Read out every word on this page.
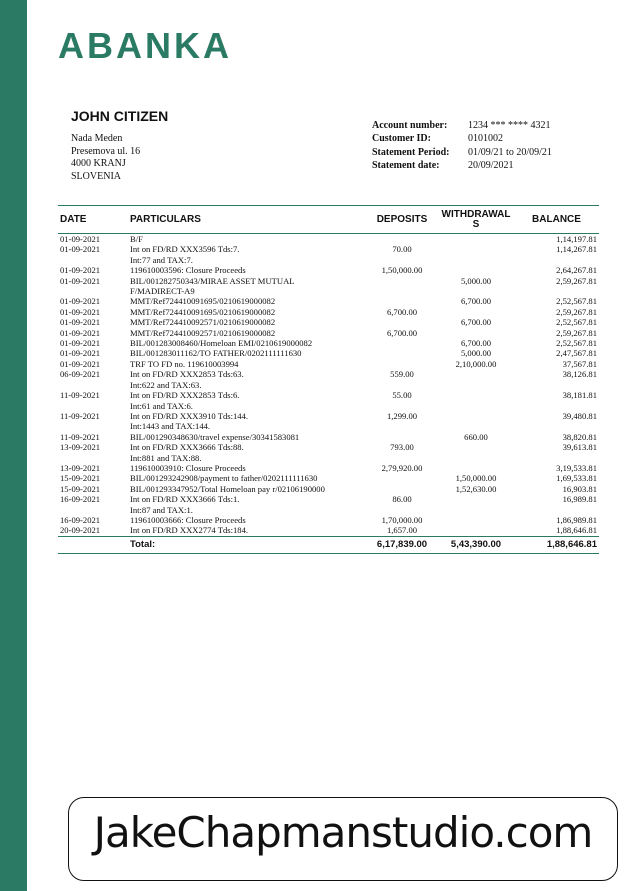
ABANKA
JOHN CITIZEN
Nada Meden
Presemova ul. 16
4000 KRANJ
SLOVENIA
Account number:	1234 *** **** 4321
Customer ID:	0101002
Statement Period:	01/09/21 to 20/09/21
Statement date:	20/09/2021
DATE	PARTICULARS	DEPOSITS	WITHDRAWALS	BALANCE
01-09-2021	B/F			1,14,197.81
01-09-2021	Int on FD/RD XXX3596 Tds:7.	70.00		1,14,267.81
	Int:77 and TAX:7.			
01-09-2021	119610003596: Closure Proceeds	1,50,000.00		2,64,267.81
01-09-2021	BIL/001282750343/MIRAE ASSET MUTUAL		5,000.00	2,59,267.81
	F/MADIRECT-A9			
01-09-2021	MMT/Ref724410091695/0210619000082		6,700.00	2,52,567.81
01-09-2021	MMT/Ref724410091695/0210619000082	6,700.00		2,59,267.81
01-09-2021	MMT/Ref724410092571/0210619000082		6,700.00	2,52,567.81
01-09-2021	MMT/Ref724410092571/0210619000082	6,700.00		2,59,267.81
01-09-2021	BIL/001283008460/Homeloan EMI/0210619000082		6,700.00	2,52,567.81
01-09-2021	BIL/001283011162/TO FATHER/0202111111630		5,000.00	2,47,567.81
01-09-2021	TRF TO FD no. 119610003994		2,10,000.00	37,567.81
06-09-2021	Int on FD/RD XXX2853 Tds:63.	559.00		38,126.81
	Int:622 and TAX:63.			
11-09-2021	Int on FD/RD XXX2853 Tds:6.	55.00		38,181.81
	Int:61 and TAX:6.			
11-09-2021	Int on FD/RD XXX3910 Tds:144.	1,299.00		39,480.81
	Int:1443 and TAX:144.			
11-09-2021	BIL/001290348630/travel expense/30341583081		660.00	38,820.81
13-09-2021	Int on FD/RD XXX3666 Tds:88.	793.00		39,613.81
	Int:881 and TAX:88.			
13-09-2021	119610003910: Closure Proceeds	2,79,920.00		3,19,533.81
15-09-2021	BIL/001293242908/payment to father/0202111111630		1,50,000.00	1,69,533.81
15-09-2021	BIL/001293347952/Total Homeloan pay r/02106190000		1,52,630.00	16,903.81
16-09-2021	Int on FD/RD XXX3666 Tds:1.	86.00		16,989.81
	Int:87 and TAX:1.			
16-09-2021	119610003666: Closure Proceeds	1,70,000.00		1,86,989.81
20-09-2021	Int on FD/RD XXX2774 Tds:184.	1,657.00		1,88,646.81
	Total:	6,17,839.00	5,43,390.00	1,88,646.81
JakeChapmanstudio.com
